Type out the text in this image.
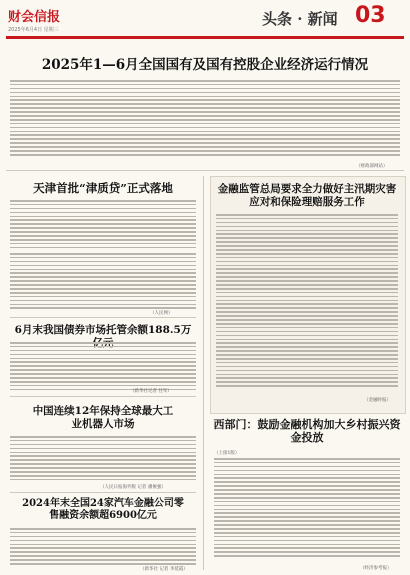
财会信报
2025年6月4日 星期三
头条 · 新闻 03
2025年1—6月全国国有及国有控股企业经济运行情况
（财政部网站）
天津首批“津质贷”正式落地
（人民网）
6月末我国债券市场托管余额188.5万
（新华社记者 任军）
中国连续12年保持全球最大工业机器人市场
（人民日报海外版 记者 潘俊强）
2024年末全国24家汽车金融公司零售融资余额超6900亿元
（新华社 记者 李延霞）
金融监管总局要求全力做好主汛期灾害应对和保险理赔服务工作
（金融时报）
西部门：鼓励金融机构加大乡村振兴资金投放
（上接1版）
（经济参考报）
